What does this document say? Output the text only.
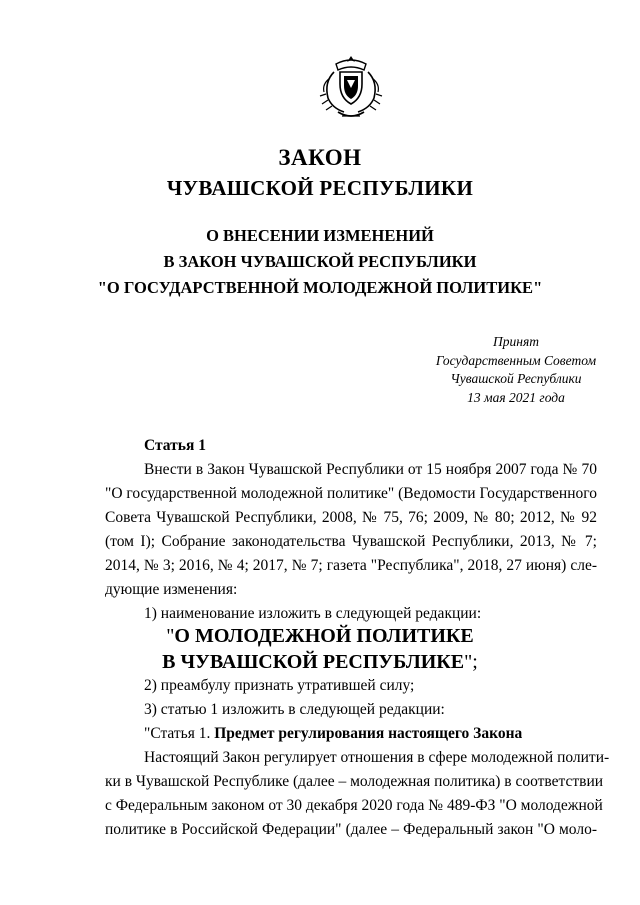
ЗАКОН
ЧУВАШСКОЙ РЕСПУБЛИКИ
О ВНЕСЕНИИ ИЗМЕНЕНИЙ
В ЗАКОН ЧУВАШСКОЙ РЕСПУБЛИКИ
"О ГОСУДАРСТВЕННОЙ МОЛОДЕЖНОЙ ПОЛИТИКЕ"
Принят
Государственным Советом
Чувашской Республики
13 мая 2021 года
Статья 1
Внести в Закон Чувашской Республики от 15 ноября 2007 года № 70
"О государственной молодежной политике" (Ведомости Государственного
Совета Чувашской Республики, 2008, № 75, 76; 2009, № 80; 2012, № 92
(том I); Собрание законодательства Чувашской Республики, 2013, № 7;
2014, № 3; 2016, № 4; 2017, № 7; газета "Республика", 2018, 27 июня) сле-
дующие изменения:
1) наименование изложить в следующей редакции:
"О МОЛОДЕЖНОЙ ПОЛИТИКЕ
В ЧУВАШСКОЙ РЕСПУБЛИКЕ";
2) преамбулу признать утратившей силу;
3) статью 1 изложить в следующей редакции:
"Статья 1. Предмет регулирования настоящего Закона
Настоящий Закон регулирует отношения в сфере молодежной полити-
ки в Чувашской Республике (далее – молодежная политика) в соответствии
с Федеральным законом от 30 декабря 2020 года № 489-ФЗ "О молодежной
политике в Российской Федерации" (далее – Федеральный закон "О моло-
